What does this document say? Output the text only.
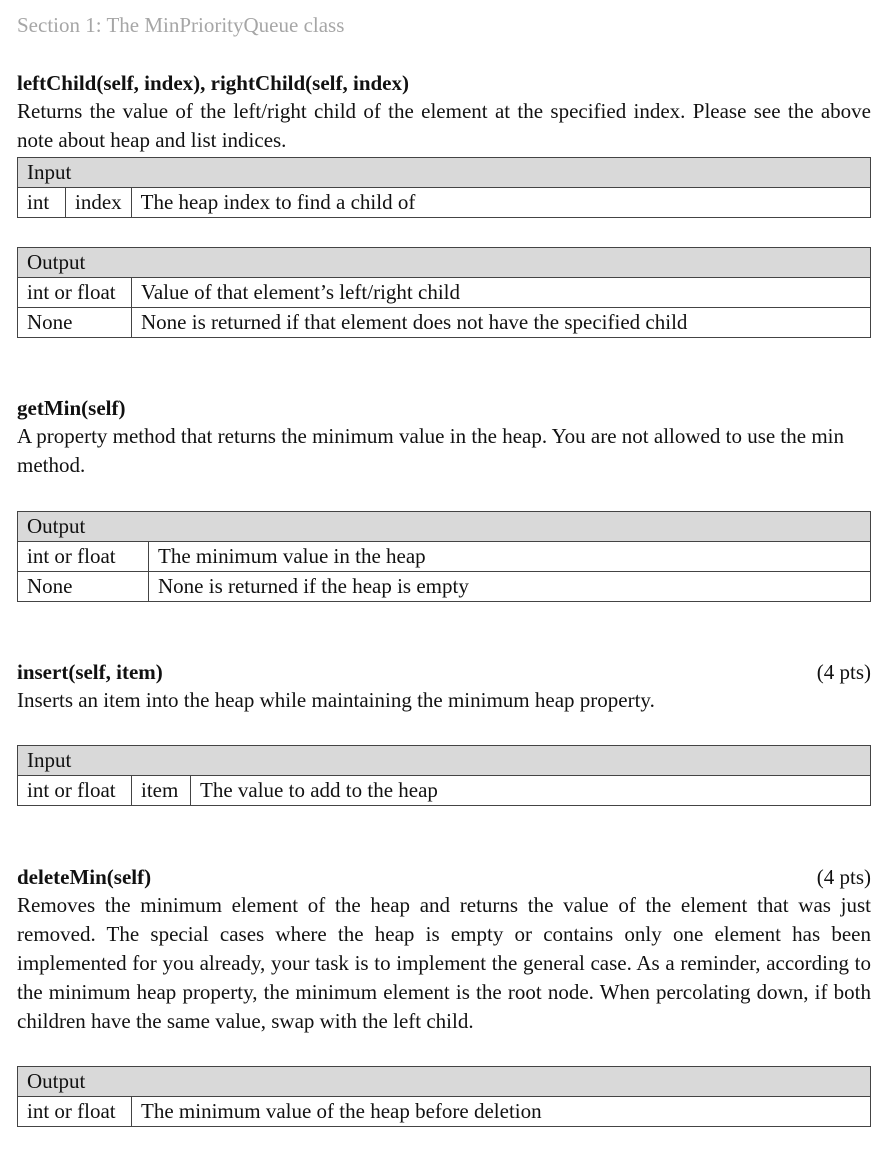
Section 1: The MinPriorityQueue class
leftChild(self, index), rightChild(self, index)

Returns the value of the left/right child of the element at the specified index. Please see the above note about heap and list indices.

Input
int	index	The heap index to find a child of
Output	
int or float	Value of that element’s left/right child
None	None is returned if that element does not have the specified child
getMin(self)

A property method that returns the minimum value in the heap. You are not allowed to use the min method.

Output	
int or float	The minimum value in the heap
None	None is returned if the heap is empty
insert(self, item)	(4 pts)

Inserts an item into the heap while maintaining the minimum heap property.

Input
int or float	item	The value to add to the heap
deleteMin(self)	(4 pts)

Removes the minimum element of the heap and returns the value of the element that was just removed. The special cases where the heap is empty or contains only one element has been implemented for you already, your task is to implement the general case. As a reminder, according to the minimum heap property, the minimum element is the root node. When percolating down, if both children have the same value, swap with the left child.

Output
int or float	The minimum value of the heap before deletion
